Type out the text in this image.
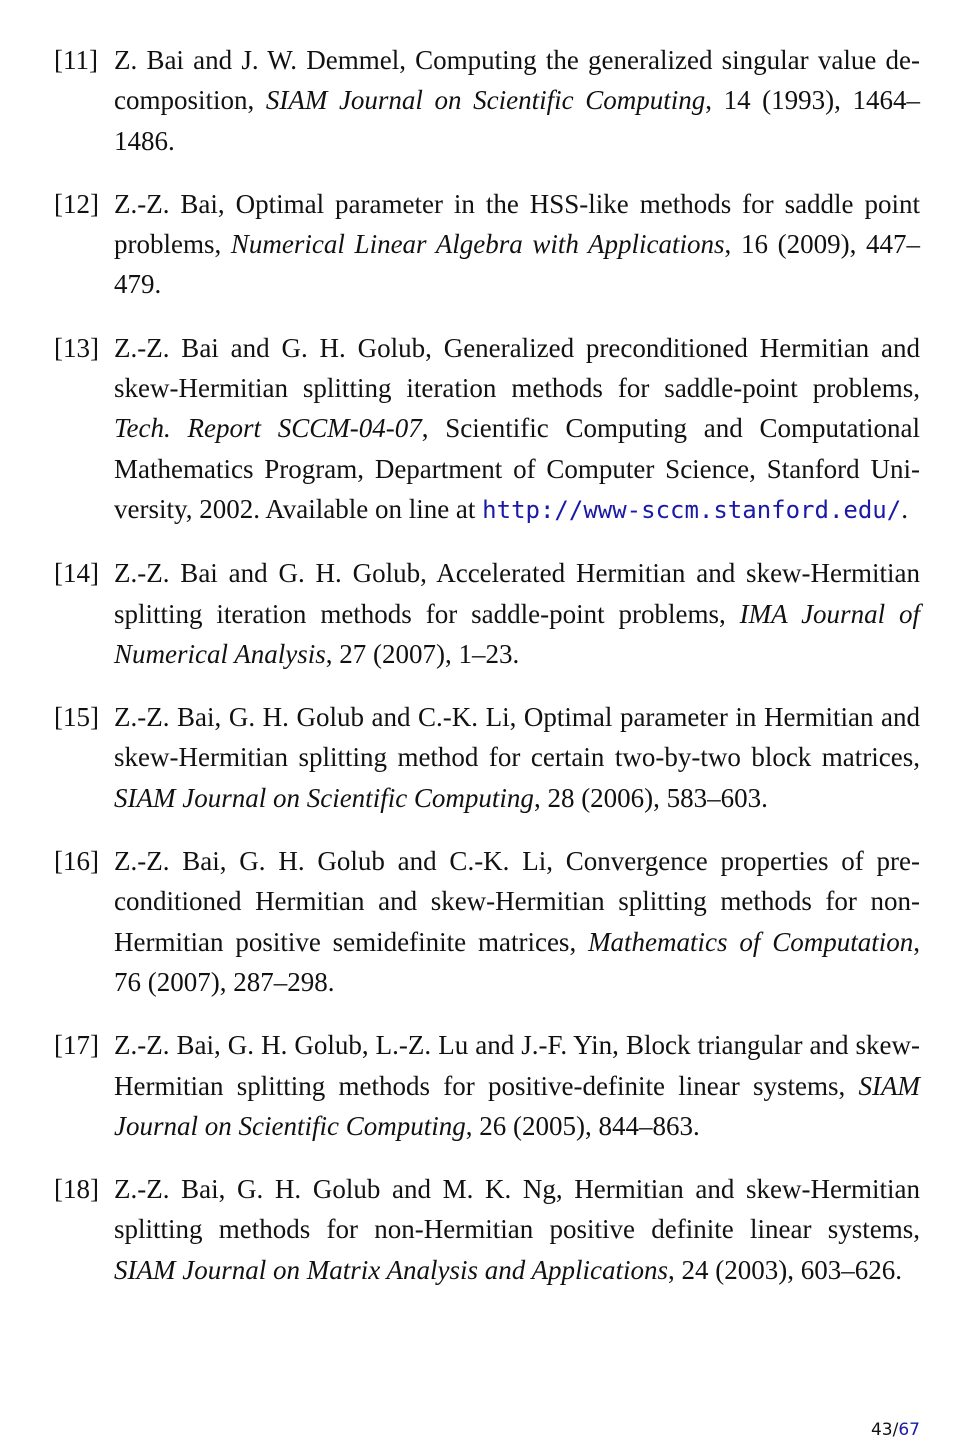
[11] Z. Bai and J. W. Demmel, Computing the generalized singular value decomposition, SIAM Journal on Scientific Computing, 14 (1993), 1464–1486.
[12] Z.-Z. Bai, Optimal parameter in the HSS-like methods for saddle point problems, Numerical Linear Algebra with Applications, 16 (2009), 447–479.
[13] Z.-Z. Bai and G. H. Golub, Generalized preconditioned Hermitian and skew-Hermitian splitting iteration methods for saddle-point problems, Tech. Report SCCM-04-07, Scientific Computing and Computational Mathematics Program, Department of Computer Science, Stanford University, 2002. Available on line at http://www-sccm.stanford.edu/.
[14] Z.-Z. Bai and G. H. Golub, Accelerated Hermitian and skew-Hermitian splitting iteration methods for saddle-point problems, IMA Journal of Numerical Analysis, 27 (2007), 1–23.
[15] Z.-Z. Bai, G. H. Golub and C.-K. Li, Optimal parameter in Hermitian and skew-Hermitian splitting method for certain two-by-two block matrices, SIAM Journal on Scientific Computing, 28 (2006), 583–603.
[16] Z.-Z. Bai, G. H. Golub and C.-K. Li, Convergence properties of preconditioned Hermitian and skew-Hermitian splitting methods for non-Hermitian positive semidefinite matrices, Mathematics of Computation, 76 (2007), 287–298.
[17] Z.-Z. Bai, G. H. Golub, L.-Z. Lu and J.-F. Yin, Block triangular and skew-Hermitian splitting methods for positive-definite linear systems, SIAM Journal on Scientific Computing, 26 (2005), 844–863.
[18] Z.-Z. Bai, G. H. Golub and M. K. Ng, Hermitian and skew-Hermitian splitting methods for non-Hermitian positive definite linear systems, SIAM Journal on Matrix Analysis and Applications, 24 (2003), 603–626.
43/67
